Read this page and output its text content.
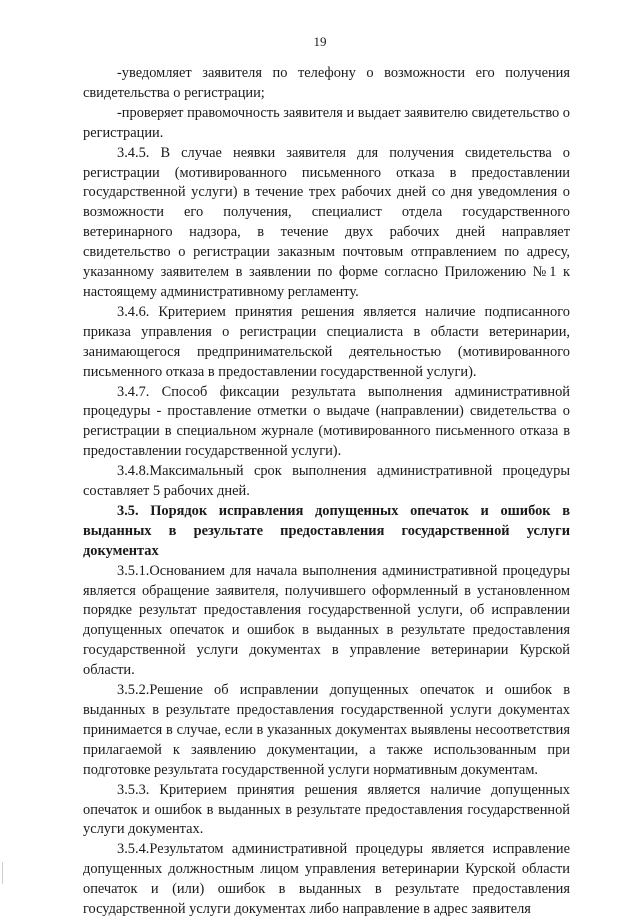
19

-уведомляет заявителя по телефону о возможности его получения свидетельства о регистрации;

-проверяет правомочность заявителя и выдает заявителю свидетельство о регистрации.

3.4.5. В случае неявки заявителя для получения свидетельства о регистрации (мотивированного письменного отказа в предоставлении государственной услуги) в течение трех рабочих дней со дня уведомления о возможности его получения, специалист отдела государственного ветеринарного надзора, в течение двух рабочих дней направляет свидетельство о регистрации заказным почтовым отправлением по адресу, указанному заявителем в заявлении по форме согласно Приложению №1 к настоящему административному регламенту.

3.4.6. Критерием принятия решения является наличие подписанного приказа управления о регистрации специалиста в области ветеринарии, занимающегося предпринимательской деятельностью (мотивированного письменного отказа в предоставлении государственной услуги).

3.4.7. Способ фиксации результата выполнения административной процедуры - проставление отметки о выдаче (направлении) свидетельства о регистрации в специальном журнале (мотивированного письменного отказа в предоставлении государственной услуги).

3.4.8.Максимальный срок выполнения административной процедуры составляет 5 рабочих дней.

3.5. Порядок исправления допущенных опечаток и ошибок в выданных в результате предоставления государственной услуги документах

3.5.1.Основанием для начала выполнения административной процедуры является обращение заявителя, получившего оформленный в установленном порядке результат предоставления государственной услуги, об исправлении допущенных опечаток и ошибок в выданных в результате предоставления государственной услуги документах в управление ветеринарии Курской области.

3.5.2.Решение об исправлении допущенных опечаток и ошибок в выданных в результате предоставления государственной услуги документах принимается в случае, если в указанных документах выявлены несоответствия прилагаемой к заявлению документации, а также использованным при подготовке результата государственной услуги нормативным документам.

3.5.3. Критерием принятия решения является наличие допущенных опечаток и ошибок в выданных в результате предоставления государственной услуги документах.

3.5.4.Результатом административной процедуры является исправление допущенных должностным лицом управления ветеринарии Курской области опечаток и (или) ошибок в выданных в результате предоставления государственной услуги документах либо направление в адрес заявителя
